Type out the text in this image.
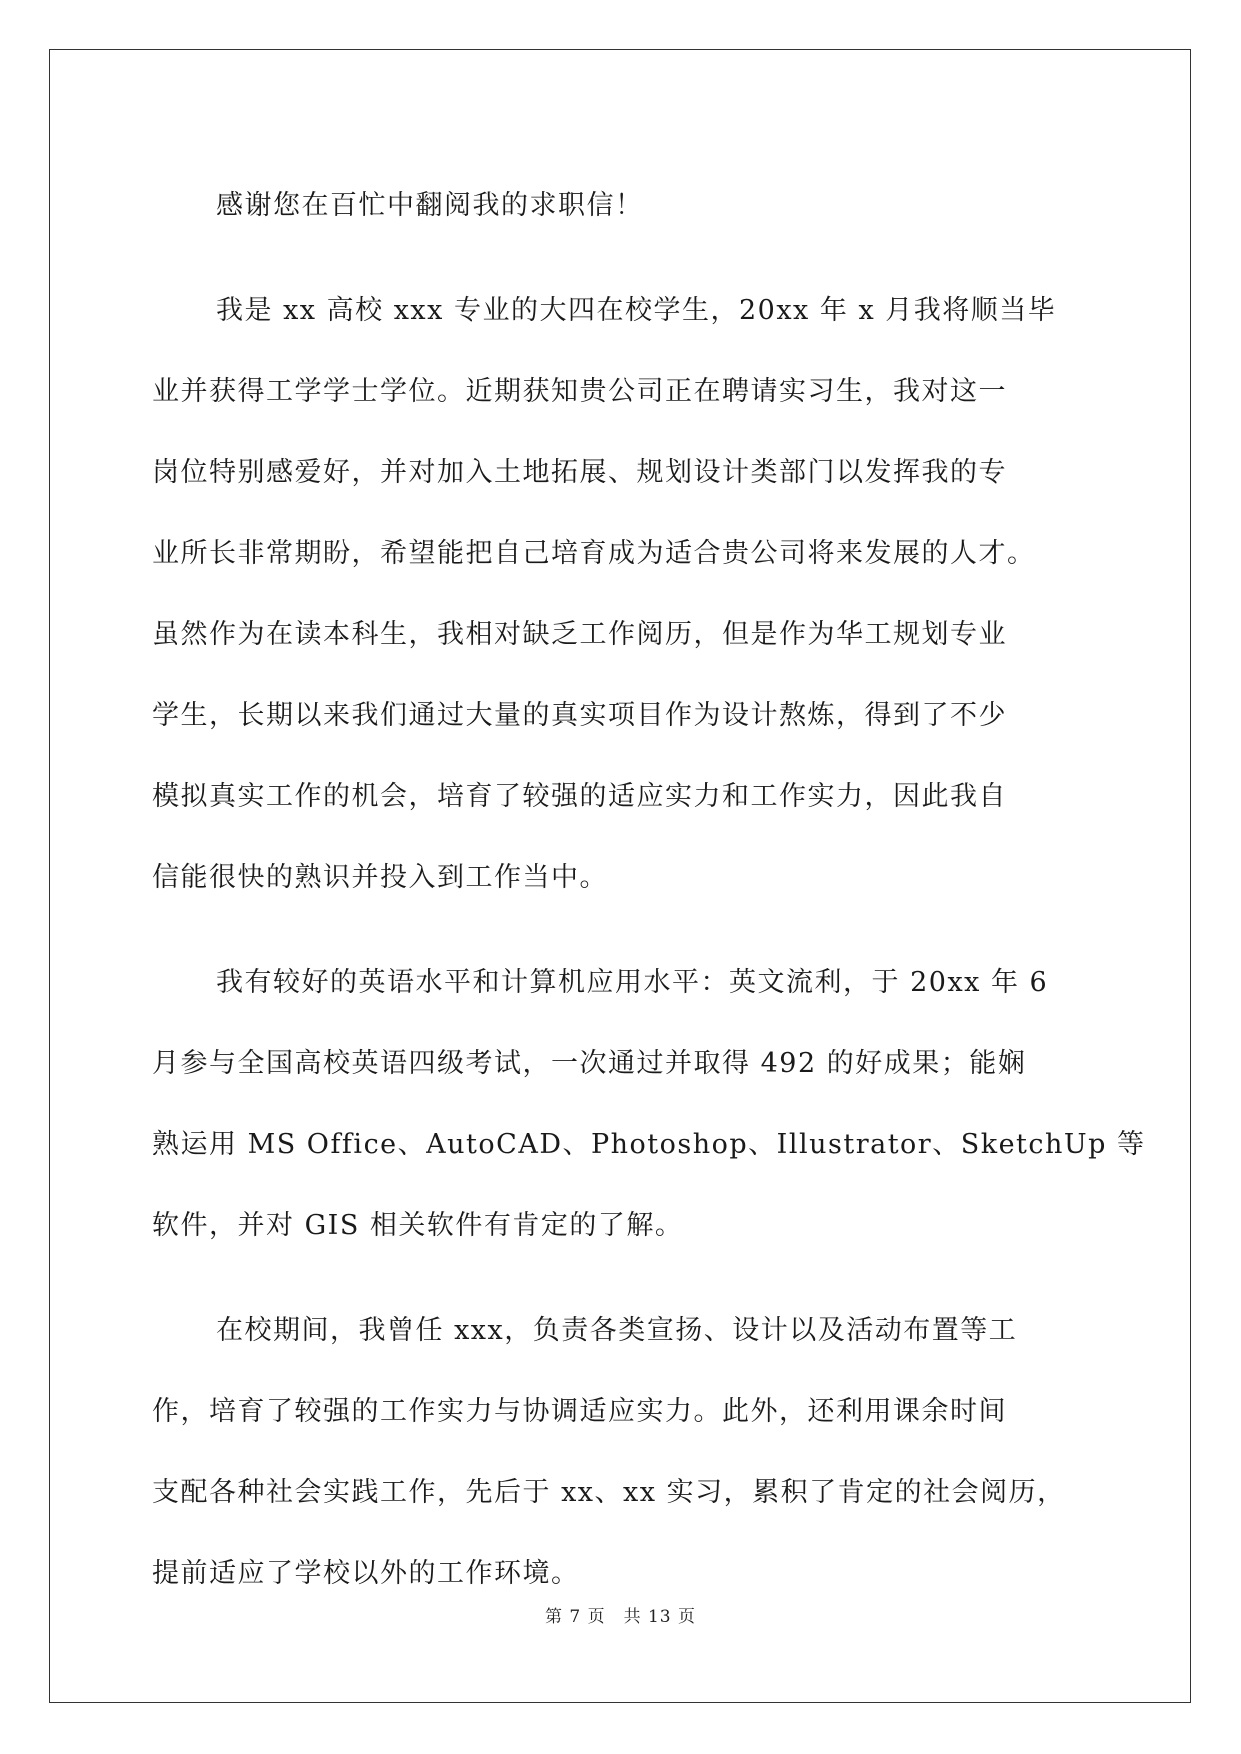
感谢您在百忙中翻阅我的求职信！
我是 xx 高校 xxx 专业的大四在校学生，20xx 年 x 月我将顺当毕
业并获得工学学士学位。近期获知贵公司正在聘请实习生，我对这一
岗位特别感爱好，并对加入土地拓展、规划设计类部门以发挥我的专
业所长非常期盼，希望能把自己培育成为适合贵公司将来发展的人才。
虽然作为在读本科生，我相对缺乏工作阅历，但是作为华工规划专业
学生，长期以来我们通过大量的真实项目作为设计熬炼，得到了不少
模拟真实工作的机会，培育了较强的适应实力和工作实力，因此我自
信能很快的熟识并投入到工作当中。
我有较好的英语水平和计算机应用水平：英文流利，于 20xx 年 6
月参与全国高校英语四级考试，一次通过并取得 492 的好成果；能娴
熟运用 MS Office、AutoCAD、Photoshop、Illustrator、SketchUp 等
软件，并对 GIS 相关软件有肯定的了解。
在校期间，我曾任 xxx，负责各类宣扬、设计以及活动布置等工
作，培育了较强的工作实力与协调适应实力。此外，还利用课余时间
支配各种社会实践工作，先后于 xx、xx 实习，累积了肯定的社会阅历，
提前适应了学校以外的工作环境。
第 7 页　共 13 页
